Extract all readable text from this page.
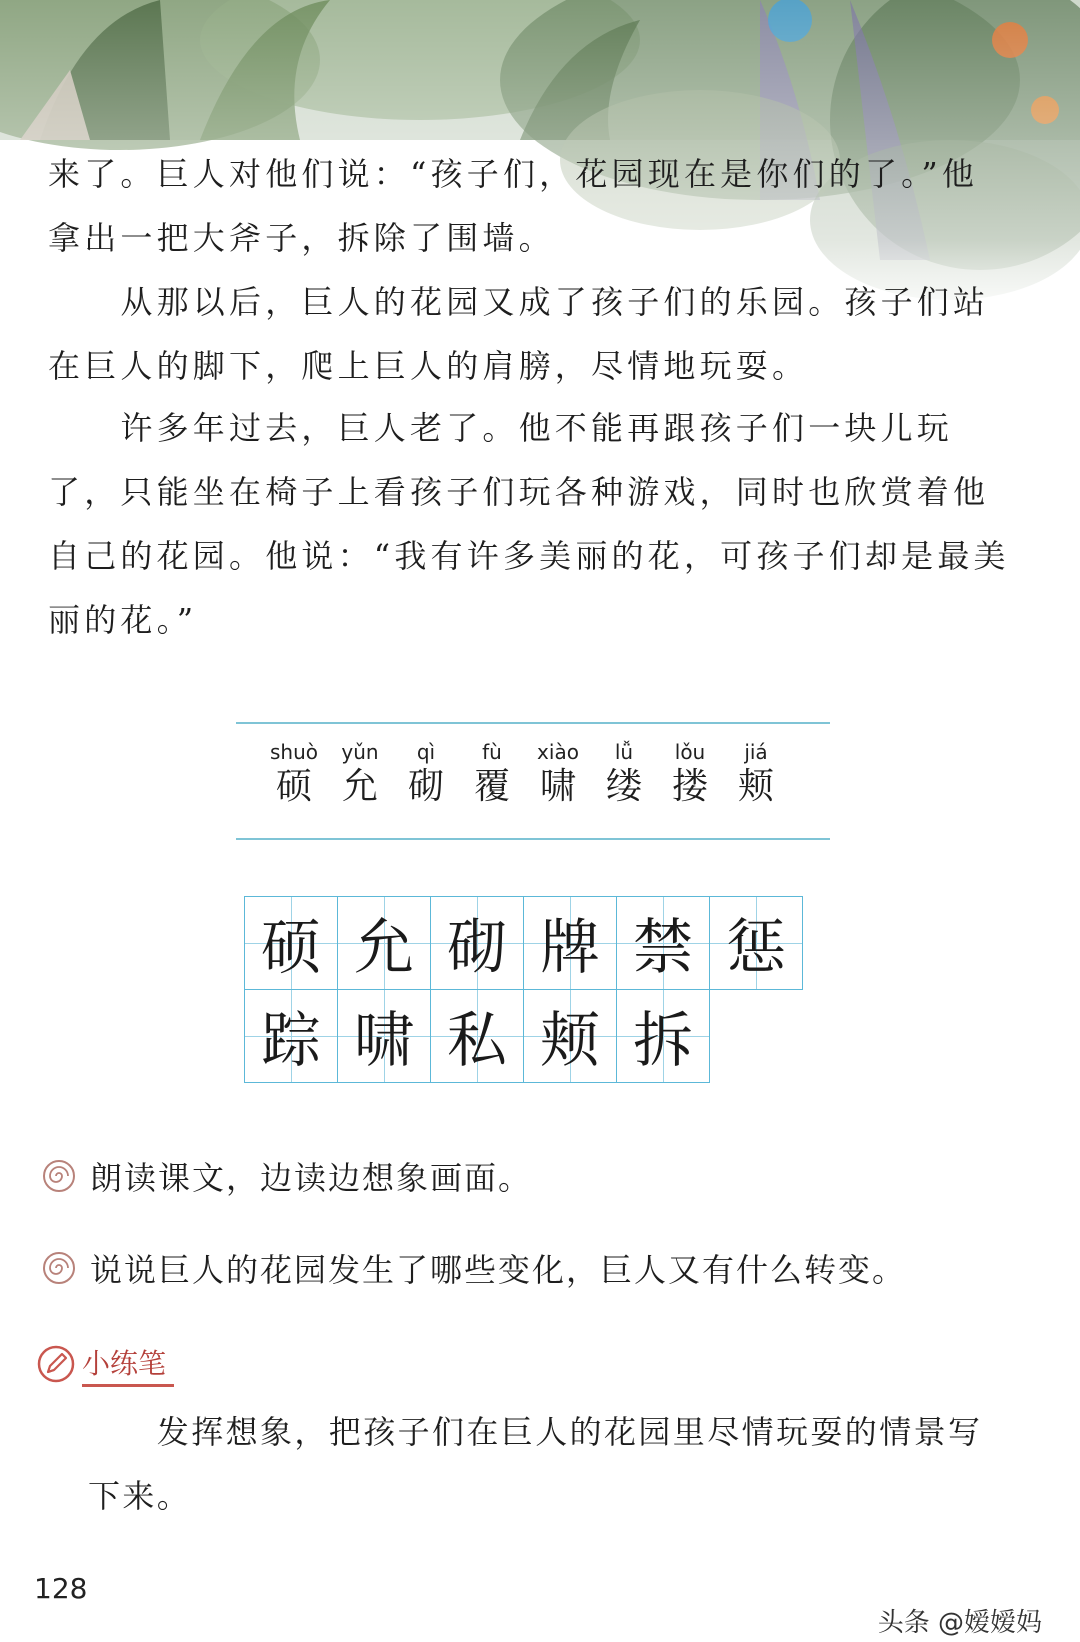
来了。巨人对他们说：“孩子们，花园现在是你们的了。”他
拿出一把大斧子，拆除了围墙。
　　从那以后，巨人的花园又成了孩子们的乐园。孩子们站
在巨人的脚下，爬上巨人的肩膀，尽情地玩耍。
　　许多年过去，巨人老了。他不能再跟孩子们一块儿玩
了，只能坐在椅子上看孩子们玩各种游戏，同时也欣赏着他
自己的花园。他说：“我有许多美丽的花，可孩子们却是最美
丽的花。”
shuò
硕
yǔn
允
qì
砌
fù
覆
xiào
啸
lǚ
缕
lǒu
搂
jiá
颊
硕 允 砌 牌 禁 惩
踪 啸 私 颊 拆
朗读课文，边读边想象画面。
说说巨人的花园发生了哪些变化，巨人又有什么转变。
小练笔
　　发挥想象，把孩子们在巨人的花园里尽情玩耍的情景写
下来。
128
头条 @嫒嫒妈
